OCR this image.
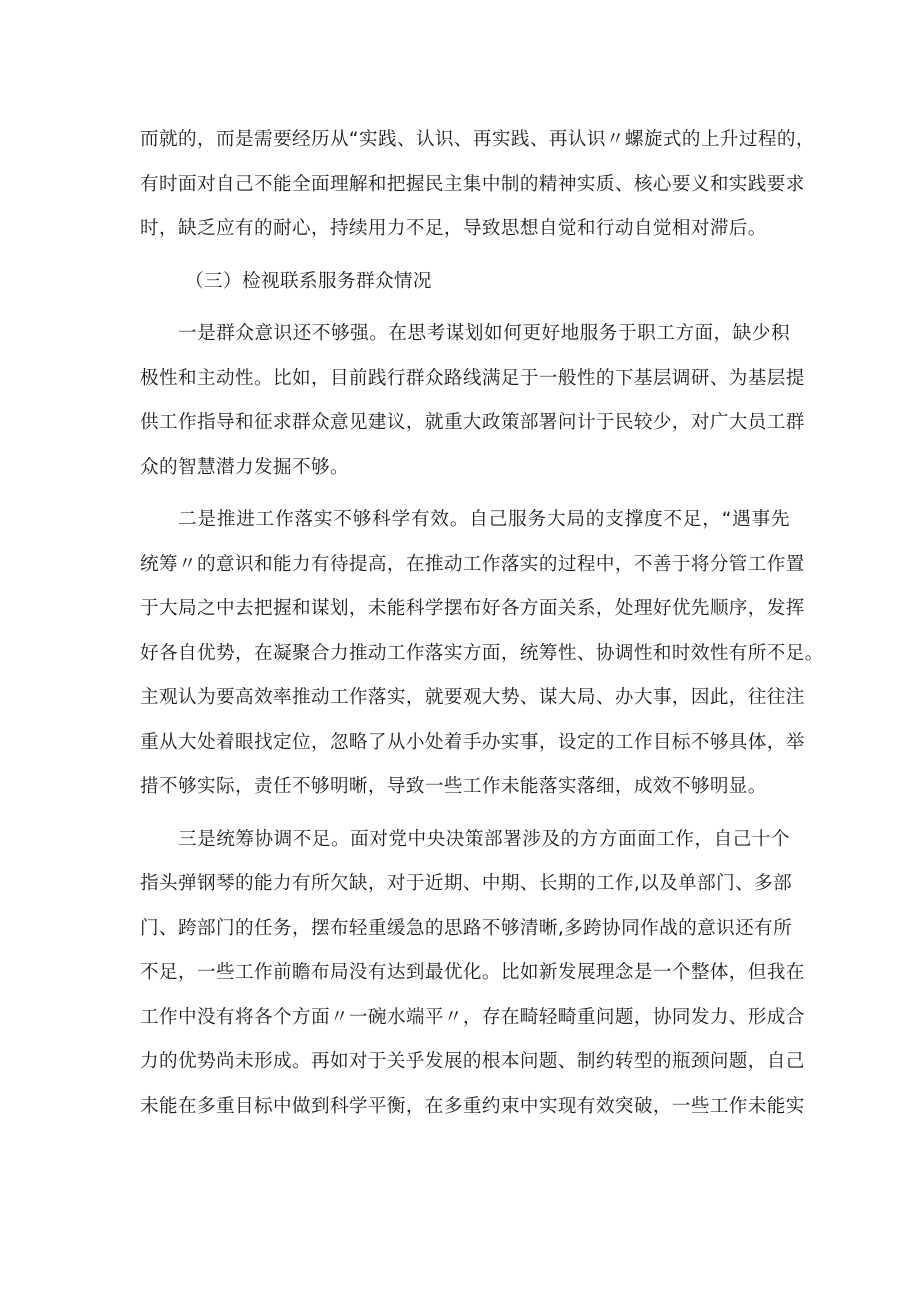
而就的，而是需要经历从“实践、认识、再实践、再认识〃螺旋式的上升过程的，
有时面对自己不能全面理解和把握民主集中制的精神实质、核心要义和实践要求
时，缺乏应有的耐心，持续用力不足，导致思想自觉和行动自觉相对滞后。
（三）检视联系服务群众情况
一是群众意识还不够强。在思考谋划如何更好地服务于职工方面，缺少积
极性和主动性。比如，目前践行群众路线满足于一般性的下基层调研、为基层提
供工作指导和征求群众意见建议，就重大政策部署问计于民较少，对广大员工群
众的智慧潜力发掘不够。
二是推进工作落实不够科学有效。自己服务大局的支撑度不足，“遇事先
统筹〃的意识和能力有待提高，在推动工作落实的过程中，不善于将分管工作置
于大局之中去把握和谋划，未能科学摆布好各方面关系，处理好优先顺序，发挥
好各自优势，在凝聚合力推动工作落实方面，统筹性、协调性和时效性有所不足。
主观认为要高效率推动工作落实，就要观大势、谋大局、办大事，因此，往往注
重从大处着眼找定位，忽略了从小处着手办实事，设定的工作目标不够具体，举
措不够实际，责任不够明晰，导致一些工作未能落实落细，成效不够明显。
三是统筹协调不足。面对党中央决策部署涉及的方方面面工作，自己十个
指头弹钢琴的能力有所欠缺，对于近期、中期、长期的工作,以及单部门、多部
门、跨部门的任务，摆布轻重缓急的思路不够清晰,多跨协同作战的意识还有所
不足，一些工作前瞻布局没有达到最优化。比如新发展理念是一个整体，但我在
工作中没有将各个方面〃一碗水端平〃，存在畸轻畸重问题，协同发力、形成合
力的优势尚未形成。再如对于关乎发展的根本问题、制约转型的瓶颈问题，自己
未能在多重目标中做到科学平衡，在多重约束中实现有效突破，一些工作未能实
